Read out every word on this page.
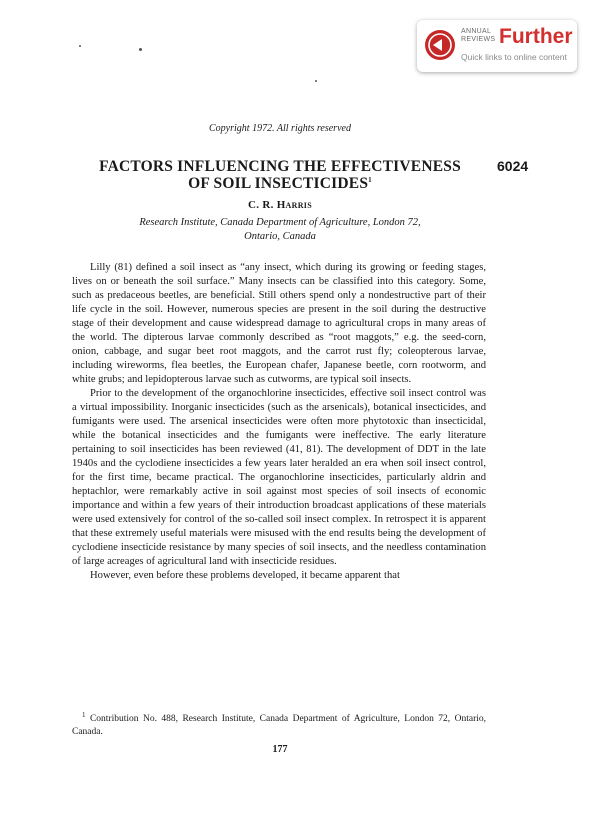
ANNUAL
REVIEWS Further
Quick links to online content
Copyright 1972. All rights reserved
FACTORS INFLUENCING THE EFFECTIVENESS
OF SOIL INSECTICIDES$^1$
6024
C. R. Harris
Research Institute, Canada Department of Agriculture, London 72,
Ontario, Canada

Lilly (81) defined a soil insect as “any insect, which during its growing or feeding stages, lives on or beneath the soil surface.” Many insects can be classified into this category. Some, such as predaceous beetles, are beneficial. Still others spend only a nondestructive part of their life cycle in the soil. However, numerous species are present in the soil during the destructive stage of their development and cause widespread damage to agricultural crops in many areas of the world. The dipterous larvae commonly described as “root maggots,” e.g. the seed-corn, onion, cabbage, and sugar beet root maggots, and the carrot rust fly; coleopterous larvae, including wireworms, flea beetles, the European chafer, Japanese beetle, corn rootworm, and white grubs; and lepidopterous larvae such as cutworms, are typical soil insects.

Prior to the development of the organochlorine insecticides, effective soil insect control was a virtual impossibility. Inorganic insecticides (such as the arsenicals), botanical insecticides, and fumigants were used. The arsenical insecticides were often more phytotoxic than insecticidal, while the botanical insecticides and the fumigants were ineffective. The early literature pertaining to soil insecticides has been reviewed (41, 81). The development of DDT in the late 1940s and the cyclodiene insecticides a few years later heralded an era when soil insect control, for the first time, became practical. The organochlorine insecticides, particularly aldrin and heptachlor, were remarkably active in soil against most species of soil insects of economic importance and within a few years of their introduction broadcast applications of these materials were used extensively for control of the so-called soil insect complex. In retrospect it is apparent that these extremely useful materials were misused with the end results being the development of cyclodiene insecticide resistance by many species of soil insects, and the needless contamination of large acreages of agricultural land with insecticide residues.

However, even before these problems developed, it became apparent that

$^1$ Contribution No. 488, Research Institute, Canada Department of Agriculture, London 72, Ontario, Canada.

177
